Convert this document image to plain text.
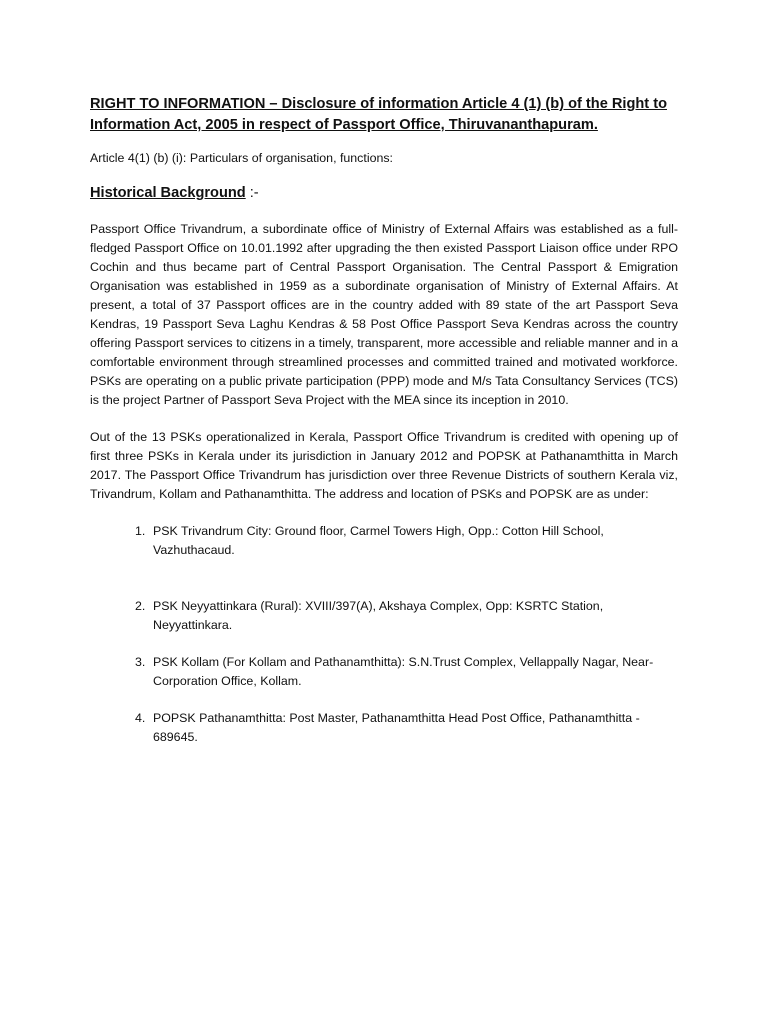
RIGHT TO INFORMATION – Disclosure of information Article 4 (1) (b) of the Right to Information Act, 2005 in respect of Passport Office, Thiruvananthapuram.
Article 4(1) (b) (i): Particulars of organisation, functions:
Historical Background :-

Passport Office Trivandrum, a subordinate office of Ministry of External Affairs was established as a full-fledged Passport Office on 10.01.1992 after upgrading the then existed Passport Liaison office under RPO Cochin and thus became part of Central Passport Organisation. The Central Passport & Emigration Organisation was established in 1959 as a subordinate organisation of Ministry of External Affairs. At present, a total of 37 Passport offices are in the country added with 89 state of the art Passport Seva Kendras, 19 Passport Seva Laghu Kendras & 58 Post Office Passport Seva Kendras across the country offering Passport services to citizens in a timely, transparent, more accessible and reliable manner and in a comfortable environment through streamlined processes and committed trained and motivated workforce. PSKs are operating on a public private participation (PPP) mode and M/s Tata Consultancy Services (TCS) is the project Partner of Passport Seva Project with the MEA since its inception in 2010.

Out of the 13 PSKs operationalized in Kerala, Passport Office Trivandrum is credited with opening up of first three PSKs in Kerala under its jurisdiction in January 2012 and POPSK at Pathanamthitta in March 2017. The Passport Office Trivandrum has jurisdiction over three Revenue Districts of southern Kerala viz, Trivandrum, Kollam and Pathanamthitta. The address and location of PSKs and POPSK are as under:

1. PSK Trivandrum City: Ground floor, Carmel Towers High, Opp.: Cotton Hill School, Vazhuthacaud.
2. PSK Neyyattinkara (Rural): XVIII/397(A), Akshaya Complex, Opp: KSRTC Station, Neyyattinkara.
3. PSK Kollam (For Kollam and Pathanamthitta): S.N.Trust Complex, Vellappally Nagar, Near- Corporation Office, Kollam.
4. POPSK Pathanamthitta: Post Master, Pathanamthitta Head Post Office, Pathanamthitta - 689645.
